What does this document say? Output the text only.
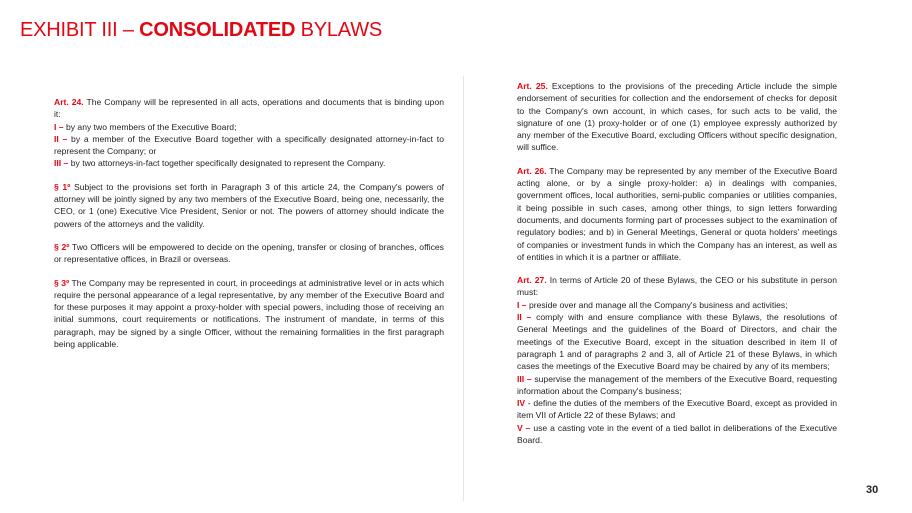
EXHIBIT III – CONSOLIDATED BYLAWS

Art. 24. The Company will be represented in all acts, operations and documents that is binding upon it:

I – by any two members of the Executive Board;

II – by a member of the Executive Board together with a specifically designated attorney-in-fact to represent the Company; or

III – by two attorneys-in-fact together specifically designated to represent the Company.

§ 1º Subject to the provisions set forth in Paragraph 3 of this article 24, the Company's powers of attorney will be jointly signed by any two members of the Executive Board, being one, necessarily, the CEO, or 1 (one) Executive Vice President, Senior or not. The powers of attorney should indicate the powers of the attorneys and the validity.

§ 2º Two Officers will be empowered to decide on the opening, transfer or closing of branches, offices or representative offices, in Brazil or overseas.

§ 3º The Company may be represented in court, in proceedings at administrative level or in acts which require the personal appearance of a legal representative, by any member of the Executive Board and for these purposes it may appoint a proxy-holder with special powers, including those of receiving an initial summons, court requirements or notifications. The instrument of mandate, in terms of this paragraph, may be signed by a single Officer, without the remaining formalities in the first paragraph being applicable.

Art. 25. Exceptions to the provisions of the preceding Article include the simple endorsement of securities for collection and the endorsement of checks for deposit to the Company's own account, in which cases, for such acts to be valid, the signature of one (1) proxy-holder or of one (1) employee expressly authorized by any member of the Executive Board, excluding Officers without specific designation, will suffice.

Art. 26. The Company may be represented by any member of the Executive Board acting alone, or by a single proxy-holder: a) in dealings with companies, government offices, local authorities, semi-public companies or utilities companies, it being possible in such cases, among other things, to sign letters forwarding documents, and documents forming part of processes subject to the examination of regulatory bodies; and b) in General Meetings, General or quota holders' meetings of companies or investment funds in which the Company has an interest, as well as of entities in which it is a partner or affiliate.

Art. 27. In terms of Article 20 of these Bylaws, the CEO or his substitute in person must:

I – preside over and manage all the Company's business and activities;

II – comply with and ensure compliance with these Bylaws, the resolutions of General Meetings and the guidelines of the Board of Directors, and chair the meetings of the Executive Board, except in the situation described in item II of paragraph 1 and of paragraphs 2 and 3, all of Article 21 of these Bylaws, in which cases the meetings of the Executive Board may be chaired by any of its members;

III – supervise the management of the members of the Executive Board, requesting information about the Company's business;

IV - define the duties of the members of the Executive Board, except as provided in item VII of Article 22 of these Bylaws; and

V – use a casting vote in the event of a tied ballot in deliberations of the Executive Board.

30
